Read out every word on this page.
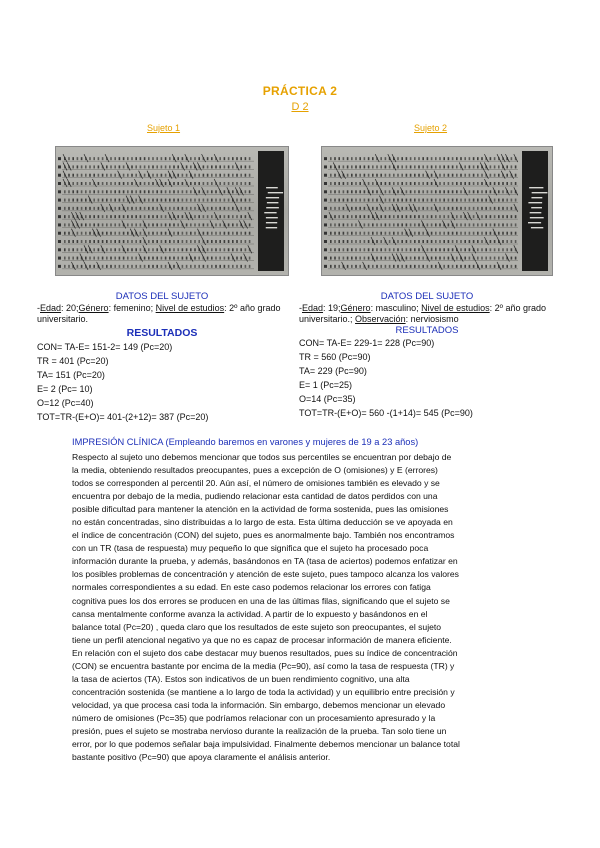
PRÁCTICA 2
D 2
Sujeto 1	Sujeto 2
DATOS DEL SUJETO
-Edad: 20;Género: femenino; Nivel de estudios: 2º año grado universitario.
RESULTADOS
CON= TA-E= 151-2= 149 (Pc=20)
TR = 401 (Pc=20)
TA= 151 (Pc=20)
E= 2 (Pc= 10)
O=12 (Pc=40)
TOT=TR-(E+O)= 401-(2+12)= 387 (Pc=20)
DATOS DEL SUJETO
-Edad: 19;Género: masculino; Nivel de estudios: 2º año grado universitario.; Observación: nerviosismo
RESULTADOS
CON= TA-E= 229-1= 228 (Pc=90)
TR = 560 (Pc=90)
TA= 229 (Pc=90)
E= 1 (Pc=25)
O=14 (Pc=35)
TOT=TR-(E+O)= 560 -(1+14)= 545 (Pc=90)
IMPRESIÓN CLÍNICA (Empleando baremos en varones y mujeres de 19 a 23 años)
Respecto al sujeto uno debemos mencionar que todos sus percentiles se encuentran por debajo de
la media, obteniendo resultados preocupantes, pues a excepción de O (omisiones) y E (errores)
todos se corresponden al percentil 20. Aún así, el número de omisiones también es elevado y se
encuentra por debajo de la media, pudiendo relacionar esta cantidad de datos perdidos con una
posible dificultad para mantener la atención en la actividad de forma sostenida, pues las omisiones
no están concentradas, sino distribuidas a lo largo de esta. Esta última deducción se ve apoyada en
el índice de concentración (CON) del sujeto, pues es anormalmente bajo. También nos encontramos
con un TR (tasa de respuesta) muy pequeño lo que significa que el sujeto ha procesado poca
información durante la prueba, y además, basándonos en TA (tasa de aciertos) podemos enfatizar en
los posibles problemas de concentración y atención de este sujeto, pues tampoco alcanza los valores
normales correspondientes a su edad. En este caso podemos relacionar los errores con fatiga
cognitiva pues los dos errores se producen en una de las últimas filas, significando que el sujeto se
cansa mentalmente conforme avanza la actividad. A partir de lo expuesto y basándonos en el
balance total (Pc=20) , queda claro que los resultados de este sujeto son preocupantes, el sujeto
tiene un perfil atencional negativo ya que no es capaz de procesar información de manera eficiente.
En relación con el sujeto dos cabe destacar muy buenos resultados, pues su índice de concentración
(CON) se encuentra bastante por encima de la media (Pc=90), así como la tasa de respuesta (TR) y
la tasa de aciertos (TA). Estos son indicativos de un buen rendimiento cognitivo, una alta
concentración sostenida (se mantiene a lo largo de toda la actividad) y un equilibrio entre precisión y
velocidad, ya que procesa casi toda la información. Sin embargo, debemos mencionar un elevado
número de omisiones (Pc=35) que podríamos relacionar con un procesamiento apresurado y la
presión, pues el sujeto se mostraba nervioso durante la realización de la prueba. Tan solo tiene un
error, por lo que podemos señalar baja impulsividad. Finalmente debemos mencionar un balance total
bastante positivo (Pc=90) que apoya claramente el análisis anterior.
